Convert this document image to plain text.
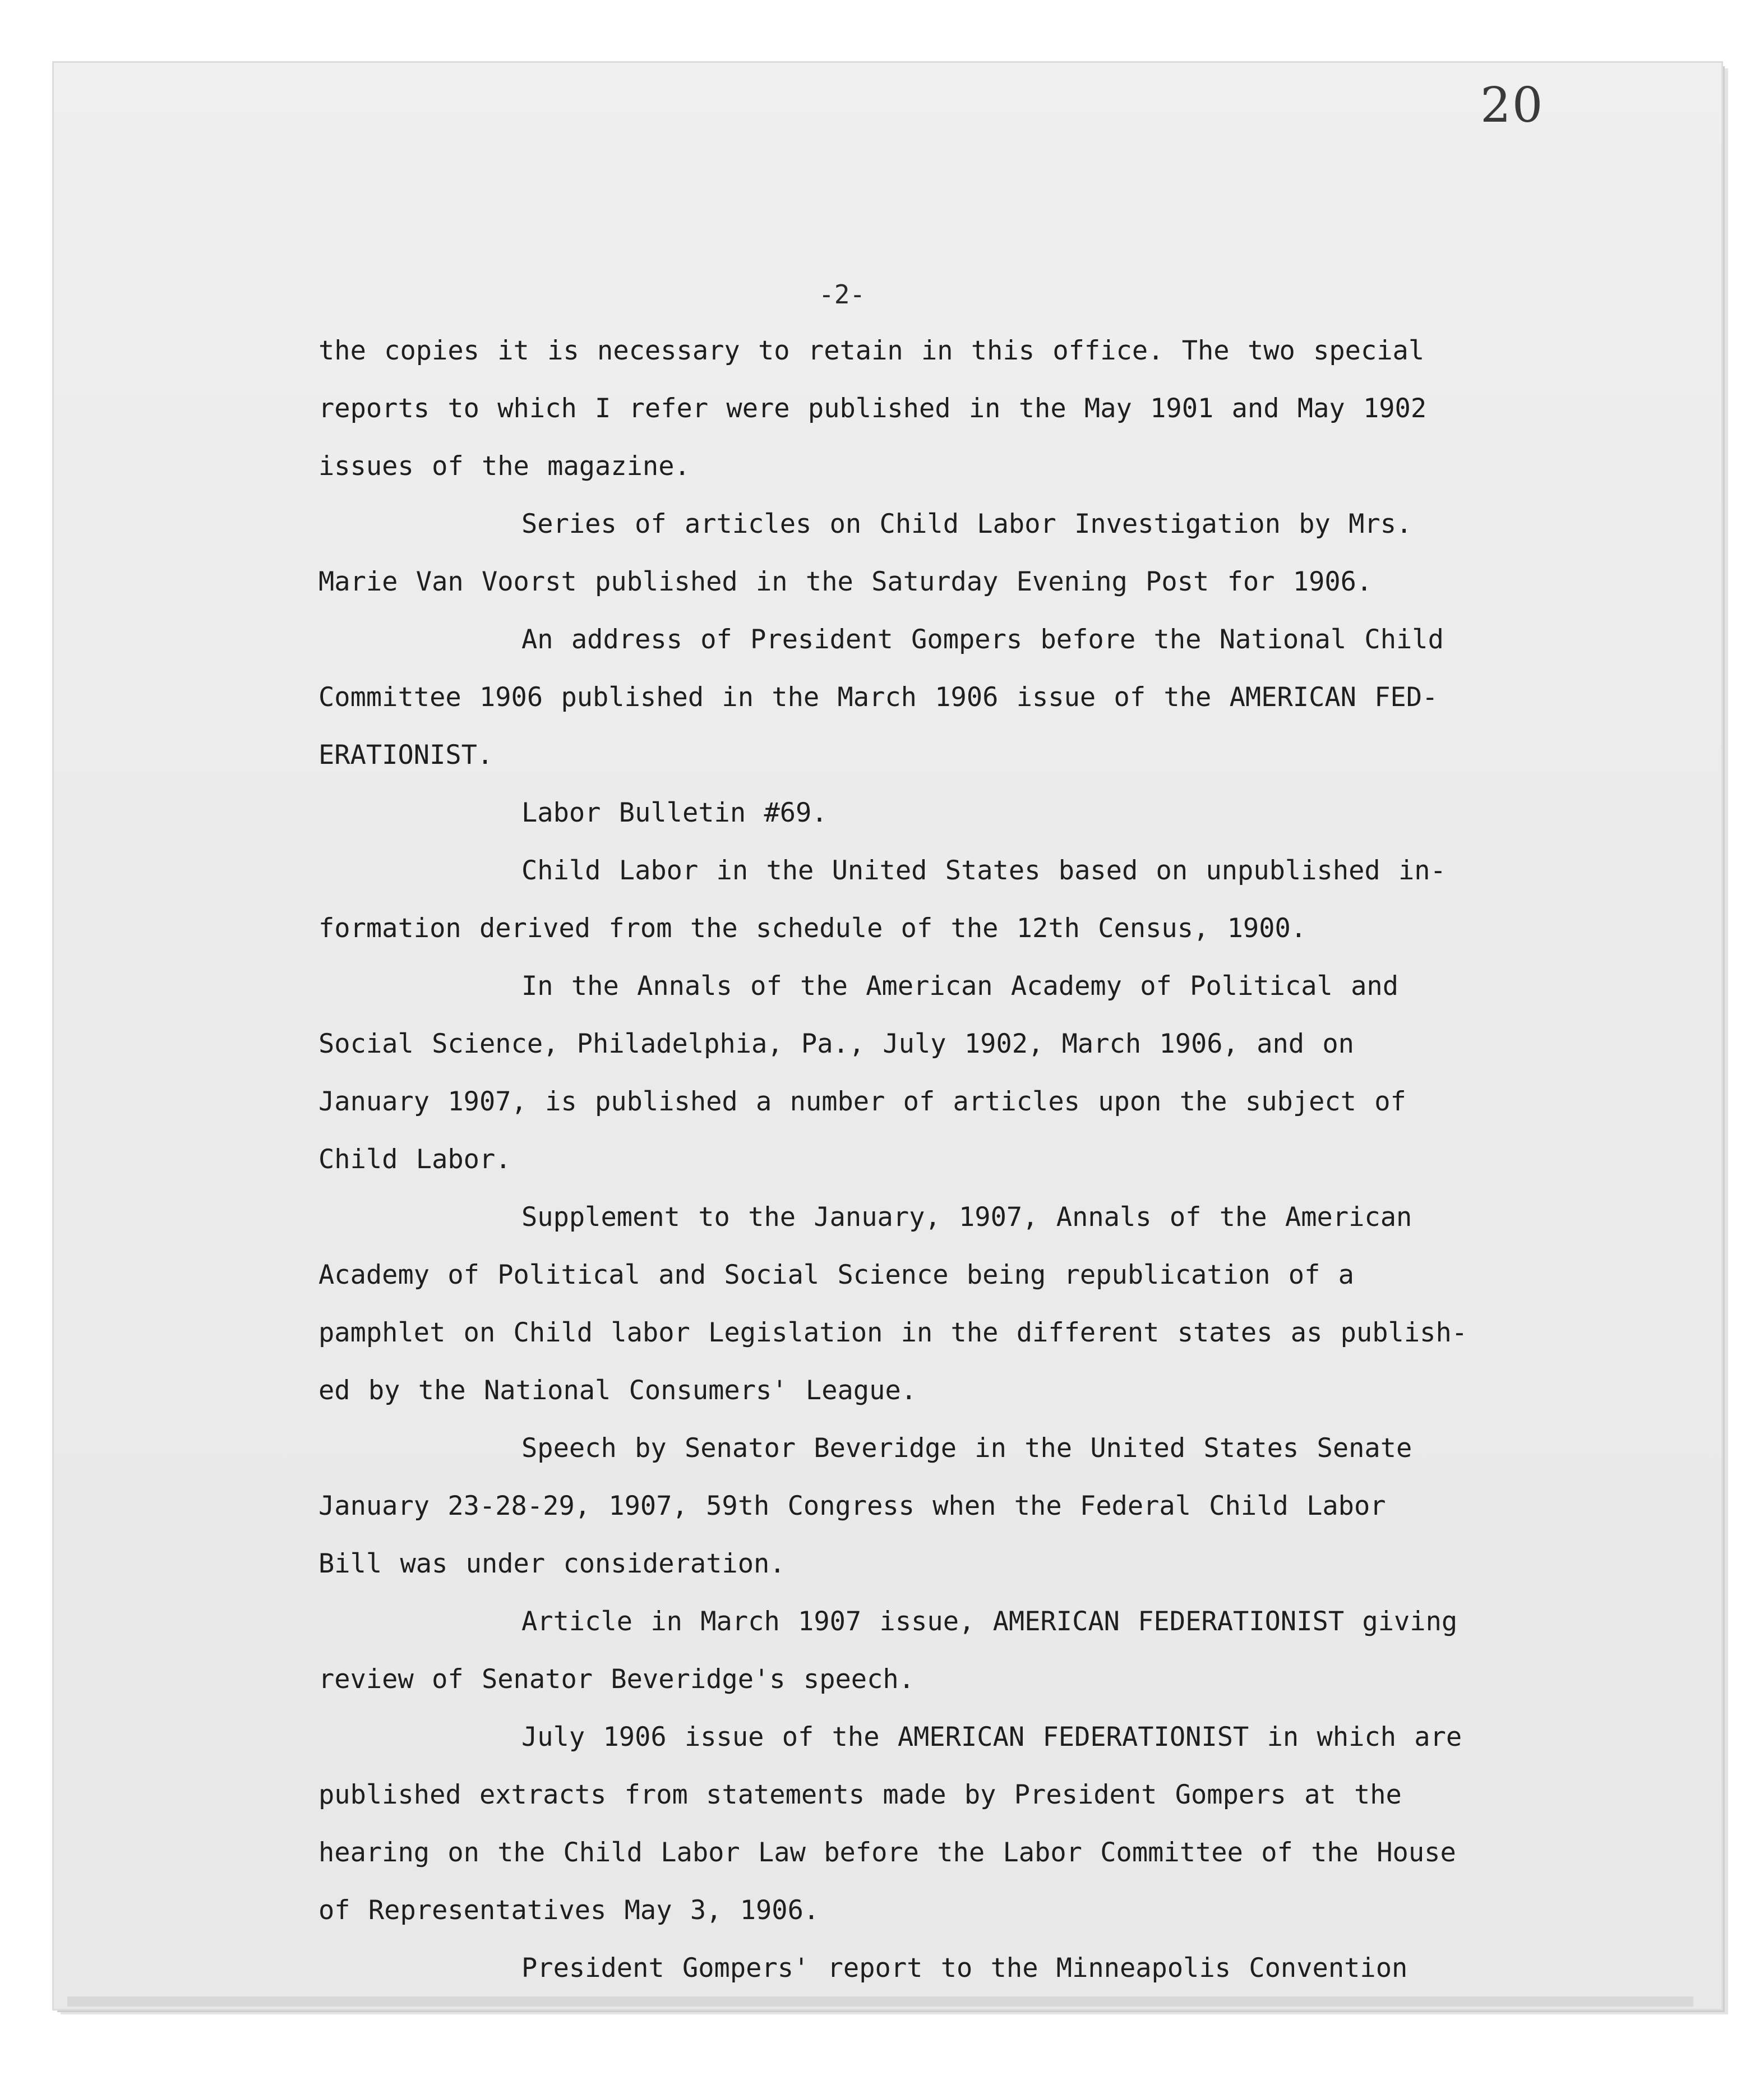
20
-2-

the copies it is necessary to retain in this office. The two special

reports to which I refer were published in the May 1901 and May 1902

issues of the magazine.

Series of articles on Child Labor Investigation by Mrs.

Marie Van Voorst published in the Saturday Evening Post for 1906.

An address of President Gompers before the National Child

Committee 1906 published in the March 1906 issue of the AMERICAN FED-

ERATIONIST.

Labor Bulletin #69.

Child Labor in the United States based on unpublished in-

formation derived from the schedule of the 12th Census, 1900.

In the Annals of the American Academy of Political and

Social Science, Philadelphia, Pa., July 1902, March 1906, and on

January 1907, is published a number of articles upon the subject of

Child Labor.

Supplement to the January, 1907, Annals of the American

Academy of Political and Social Science being republication of a

pamphlet on Child labor Legislation in the different states as publish-

ed by the National Consumers' League.

Speech by Senator Beveridge in the United States Senate

January 23-28-29, 1907, 59th Congress when the Federal Child Labor

Bill was under consideration.

Article in March 1907 issue, AMERICAN FEDERATIONIST giving

review of Senator Beveridge's speech.

July 1906 issue of the AMERICAN FEDERATIONIST in which are

published extracts from statements made by President Gompers at the

hearing on the Child Labor Law before the Labor Committee of the House

of Representatives May 3, 1906.

President Gompers' report to the Minneapolis Convention
